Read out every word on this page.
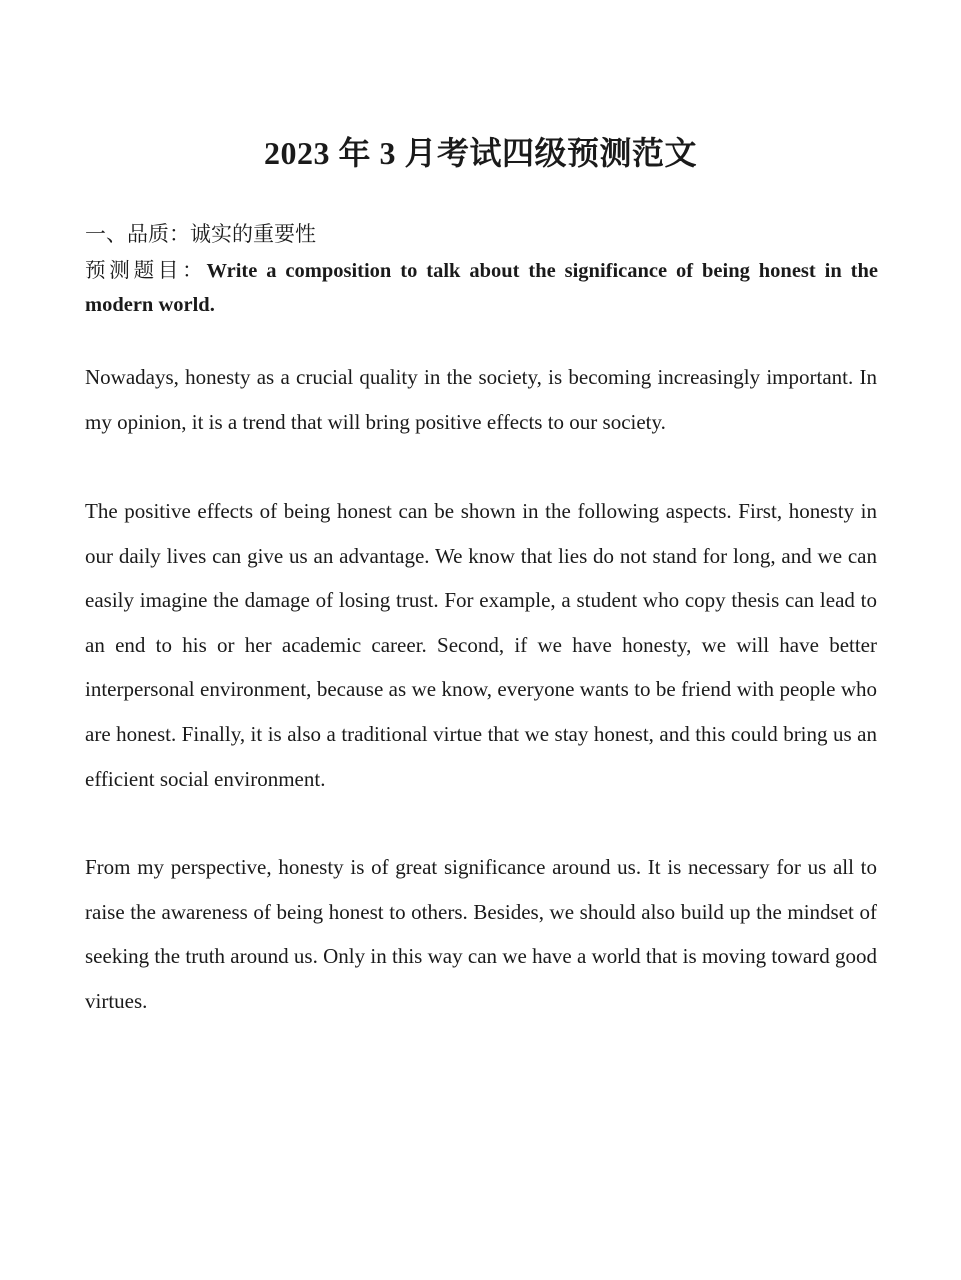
2023 年 3 月考试四级预测范文
一、品质：诚实的重要性
预测题目：Write a composition to talk about the significance of being honest in the modern world.

Nowadays, honesty as a crucial quality in the society, is becoming increasingly important. In my opinion, it is a trend that will bring positive effects to our society.

The positive effects of being honest can be shown in the following aspects. First, honesty in our daily lives can give us an advantage. We know that lies do not stand for long, and we can easily imagine the damage of losing trust. For example, a student who copy thesis can lead to an end to his or her academic career. Second, if we have honesty, we will have better interpersonal environment, because as we know, everyone wants to be friend with people who are honest. Finally, it is also a traditional virtue that we stay honest, and this could bring us an efficient social environment.

From my perspective, honesty is of great significance around us. It is necessary for us all to raise the awareness of being honest to others. Besides, we should also build up the mindset of seeking the truth around us. Only in this way can we have a world that is moving toward good virtues.
